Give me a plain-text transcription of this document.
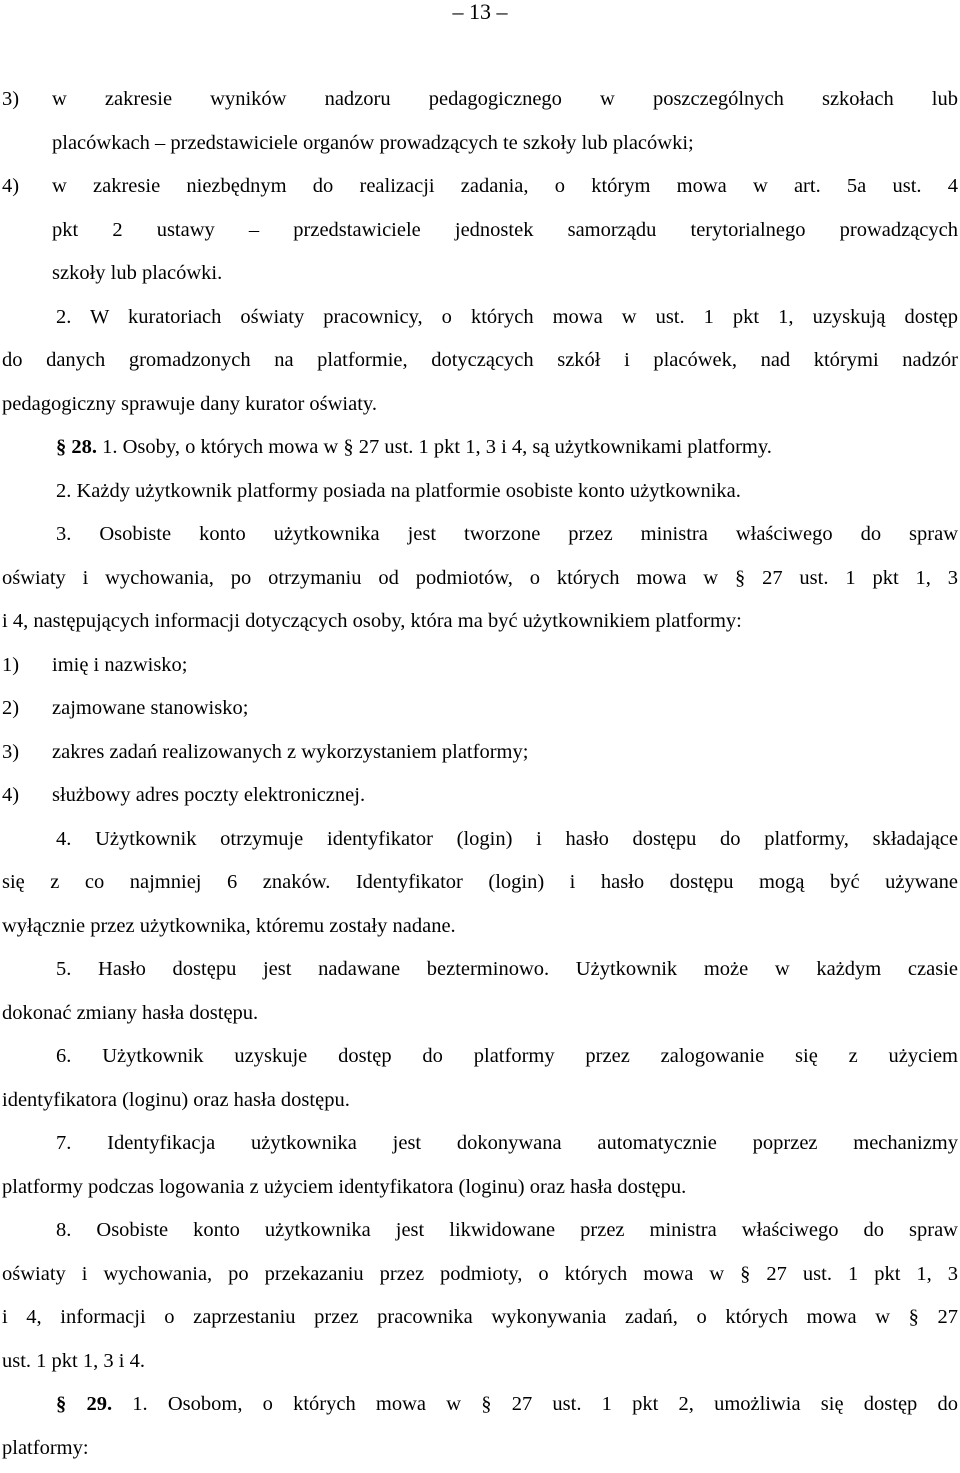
– 13 –
3)	w zakresie wyników nadzoru pedagogicznego w poszczególnych szkołach lub
placówkach – przedstawiciele organów prowadzących te szkoły lub placówki;
4)	w zakresie niezbędnym do realizacji zadania, o którym mowa w art. 5a ust. 4
pkt 2 ustawy – przedstawiciele jednostek samorządu terytorialnego prowadzących
szkoły lub placówki.
2. W kuratoriach oświaty pracownicy, o których mowa w ust. 1 pkt 1, uzyskują dostęp
do danych gromadzonych na platformie, dotyczących szkół i placówek, nad którymi nadzór
pedagogiczny sprawuje dany kurator oświaty.
§ 28. 1. Osoby, o których mowa w § 27 ust. 1 pkt 1, 3 i 4, są użytkownikami platformy.
2. Każdy użytkownik platformy posiada na platformie osobiste konto użytkownika.
3. Osobiste konto użytkownika jest tworzone przez ministra właściwego do spraw
oświaty i wychowania, po otrzymaniu od podmiotów, o których mowa w § 27 ust. 1 pkt 1, 3
i 4, następujących informacji dotyczących osoby, która ma być użytkownikiem platformy:
1)	imię i nazwisko;
2)	zajmowane stanowisko;
3)	zakres zadań realizowanych z wykorzystaniem platformy;
4)	służbowy adres poczty elektronicznej.
4. Użytkownik otrzymuje identyfikator (login) i hasło dostępu do platformy, składające
się z co najmniej 6 znaków. Identyfikator (login) i hasło dostępu mogą być używane
wyłącznie przez użytkownika, któremu zostały nadane.
5. Hasło dostępu jest nadawane bezterminowo. Użytkownik może w każdym czasie
dokonać zmiany hasła dostępu.
6. Użytkownik uzyskuje dostęp do platformy przez zalogowanie się z użyciem
identyfikatora (loginu) oraz hasła dostępu.
7. Identyfikacja użytkownika jest dokonywana automatycznie poprzez mechanizmy
platformy podczas logowania z użyciem identyfikatora (loginu) oraz hasła dostępu.
8. Osobiste konto użytkownika jest likwidowane przez ministra właściwego do spraw
oświaty i wychowania, po przekazaniu przez podmioty, o których mowa w § 27 ust. 1 pkt 1, 3
i 4, informacji o zaprzestaniu przez pracownika wykonywania zadań, o których mowa w § 27
ust. 1 pkt 1, 3 i 4.
§ 29. 1. Osobom, o których mowa w § 27 ust. 1 pkt 2, umożliwia się dostęp do
platformy:
